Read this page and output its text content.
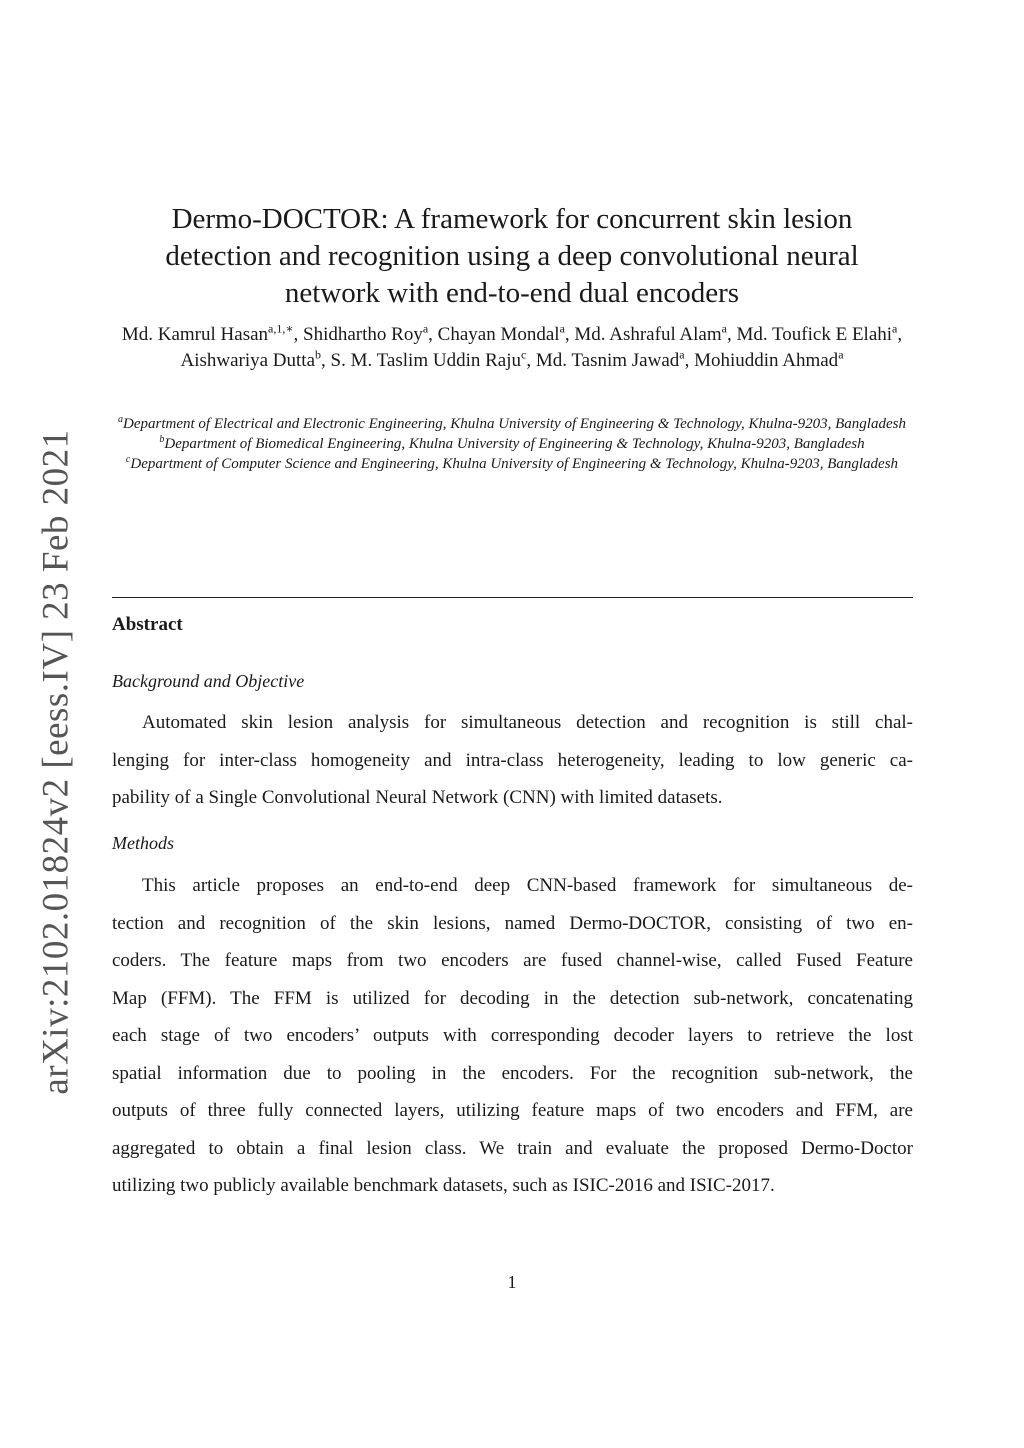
arXiv:2102.01824v2 [eess.IV] 23 Feb 2021
Dermo-DOCTOR: A framework for concurrent skin lesion
detection and recognition using a deep convolutional neural
network with end-to-end dual encoders
Md. Kamrul Hasan$^{a,1,∗}$, Shidhartho Roy$^a$, Chayan Mondal$^a$, Md. Ashraful Alam$^a$, Md. Toufick E Elahi$^a$, Aishwariya Dutta$^b$, S. M. Taslim Uddin Raju$^c$, Md. Tasnim Jawad$^a$, Mohiuddin Ahmad$^a$
$^a$Department of Electrical and Electronic Engineering, Khulna University of Engineering & Technology, Khulna-9203, Bangladesh
$^b$Department of Biomedical Engineering, Khulna University of Engineering & Technology, Khulna-9203, Bangladesh
$^c$Department of Computer Science and Engineering, Khulna University of Engineering & Technology, Khulna-9203, Bangladesh
Abstract
Background and Objective
Automated skin lesion analysis for simultaneous detection and recognition is still chal-
lenging for inter-class homogeneity and intra-class heterogeneity, leading to low generic ca-
pability of a Single Convolutional Neural Network (CNN) with limited datasets.
Methods
This article proposes an end-to-end deep CNN-based framework for simultaneous de-
tection and recognition of the skin lesions, named Dermo-DOCTOR, consisting of two en-
coders. The feature maps from two encoders are fused channel-wise, called Fused Feature
Map (FFM). The FFM is utilized for decoding in the detection sub-network, concatenating
each stage of two encoders’ outputs with corresponding decoder layers to retrieve the lost
spatial information due to pooling in the encoders. For the recognition sub-network, the
outputs of three fully connected layers, utilizing feature maps of two encoders and FFM, are
aggregated to obtain a final lesion class. We train and evaluate the proposed Dermo-Doctor
utilizing two publicly available benchmark datasets, such as ISIC-2016 and ISIC-2017.
1
